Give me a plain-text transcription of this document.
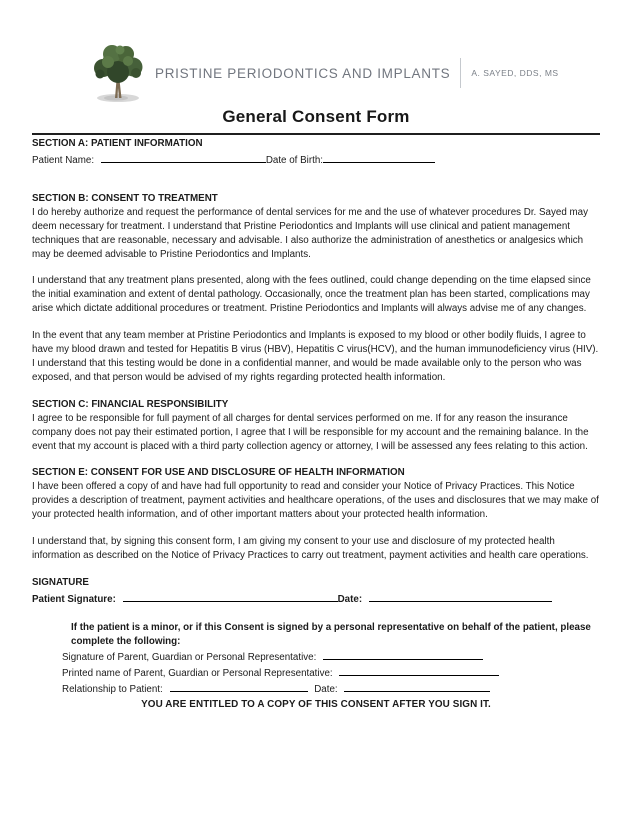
PRISTINE PERIODONTICS AND IMPLANTS A. SAYED, DDS, MS
General Consent Form
SECTION A: PATIENT INFORMATION
Patient Name:	Date of Birth:
SECTION B: CONSENT TO TREATMENT

I do hereby authorize and request the performance of dental services for me and the use of whatever procedures Dr. Sayed may deem necessary for treatment. I understand that Pristine Periodontics and Implants will use clinical and patient management techniques that are reasonable, necessary and advisable. I also authorize the administration of anesthetics or analgesics which may be deemed advisable to Pristine Periodontics and Implants.

I understand that any treatment plans presented, along with the fees outlined, could change depending on the time elapsed since the initial examination and extent of dental pathology. Occasionally, once the treatment plan has been started, complications may arise which dictate additional procedures or treatment. Pristine Periodontics and Implants will always advise me of any changes.

In the event that any team member at Pristine Periodontics and Implants is exposed to my blood or other bodily fluids, I agree to have my blood drawn and tested for Hepatitis B virus (HBV), Hepatitis C virus(HCV), and the human immunodeficiency virus (HIV). I understand that this testing would be done in a confidential manner, and would be made available only to the person who was exposed, and that person would be advised of my rights regarding protected health information.

SECTION C: FINANCIAL RESPONSIBILITY

I agree to be responsible for full payment of all charges for dental services performed on me. If for any reason the insurance company does not pay their estimated portion, I agree that I will be responsible for my account and the remaining balance. In the event that my account is placed with a third party collection agency or attorney, I will be assessed any fees relating to this action.

SECTION E: CONSENT FOR USE AND DISCLOSURE OF HEALTH INFORMATION

I have been offered a copy of and have had full opportunity to read and consider your Notice of Privacy Practices. This Notice provides a description of treatment, payment activities and healthcare operations, of the uses and disclosures that we may make of your protected health information, and of other important matters about your protected health information.

I understand that, by signing this consent form, I am giving my consent to your use and disclosure of my protected health information as described on the Notice of Privacy Practices to carry out treatment, payment activities and health care operations.

SIGNATURE
Patient Signature:	Date:
If the patient is a minor, or if this Consent is signed by a personal representative on behalf of the patient, please complete the following:
Signature of Parent, Guardian or Personal Representative:
Printed name of Parent, Guardian or Personal Representative:
Relationship to Patient:	Date:
YOU ARE ENTITLED TO A COPY OF THIS CONSENT AFTER YOU SIGN IT.
